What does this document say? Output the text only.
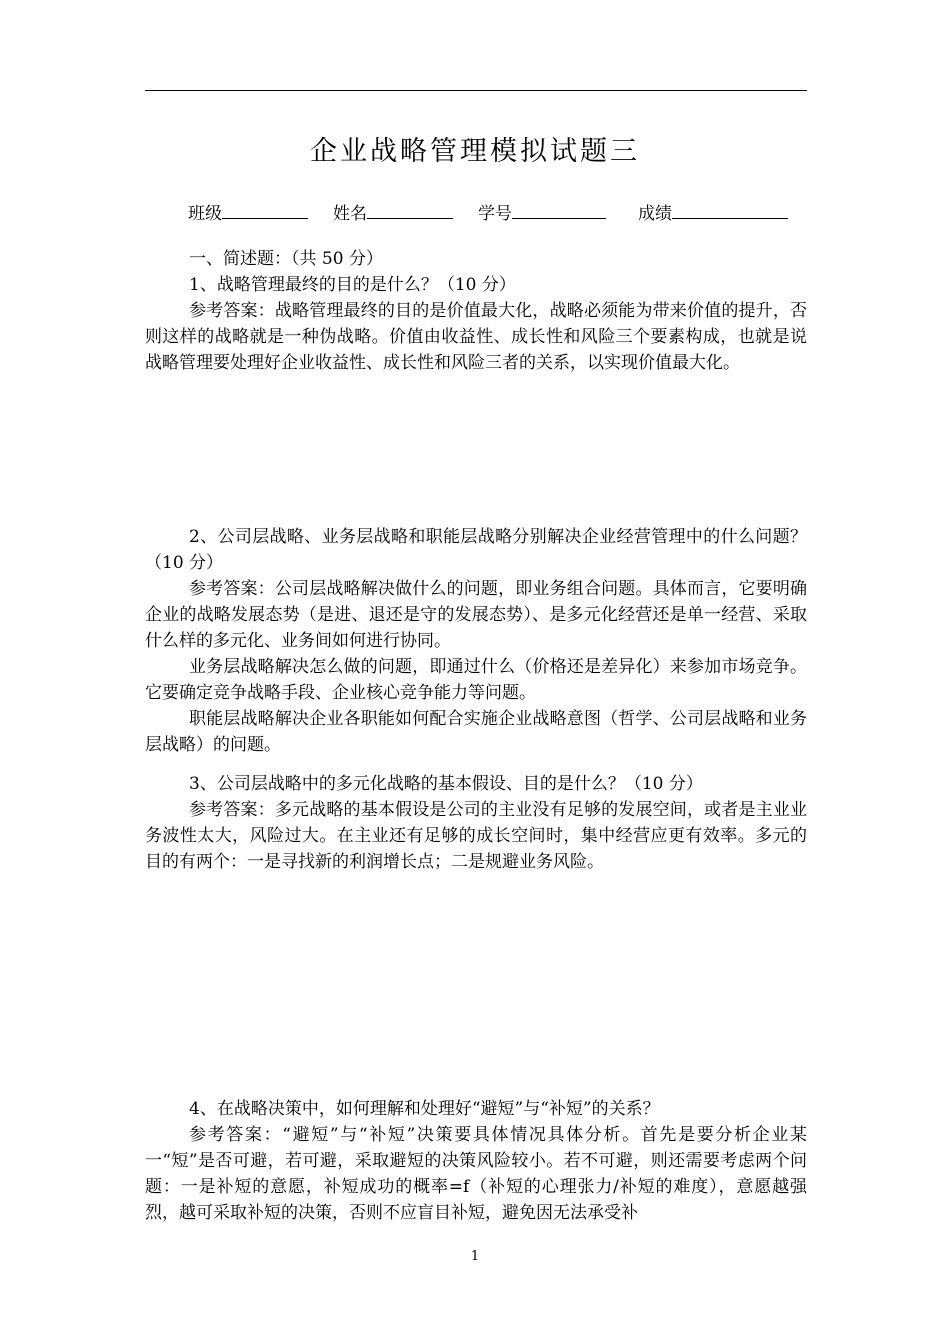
企业战略管理模拟试题三
班级	姓名	学号	成绩

一、简述题：（共 50 分）

1、战略管理最终的目的是什么？（10 分）

参考答案：战略管理最终的目的是价值最大化，战略必须能为带来价值的提升，否则这样的战略就是一种伪战略。价值由收益性、成长性和风险三个要素构成，也就是说战略管理要处理好企业收益性、成长性和风险三者的关系，以实现价值最大化。

2、公司层战略、业务层战略和职能层战略分别解决企业经营管理中的什么问题？（10 分）

参考答案：公司层战略解决做什么的问题，即业务组合问题。具体而言，它要明确企业的战略发展态势（是进、退还是守的发展态势）、是多元化经营还是单一经营、采取什么样的多元化、业务间如何进行协同。

业务层战略解决怎么做的问题，即通过什么（价格还是差异化）来参加市场竞争。它要确定竞争战略手段、企业核心竞争能力等问题。

职能层战略解决企业各职能如何配合实施企业战略意图（哲学、公司层战略和业务层战略）的问题。

3、公司层战略中的多元化战略的基本假设、目的是什么？（10 分）

参考答案：多元战略的基本假设是公司的主业没有足够的发展空间，或者是主业业务波性太大，风险过大。在主业还有足够的成长空间时，集中经营应更有效率。多元的目的有两个：一是寻找新的利润增长点；二是规避业务风险。

4、在战略决策中，如何理解和处理好“避短”与“补短”的关系？

参考答案：“避短”与“补短”决策要具体情况具体分析。首先是要分析企业某一“短”是否可避，若可避，采取避短的决策风险较小。若不可避，则还需要考虑两个问题：一是补短的意愿，补短成功的概率=f（补短的心理张力/补短的难度），意愿越强烈，越可采取补短的决策，否则不应盲目补短，避免因无法承受补

1
